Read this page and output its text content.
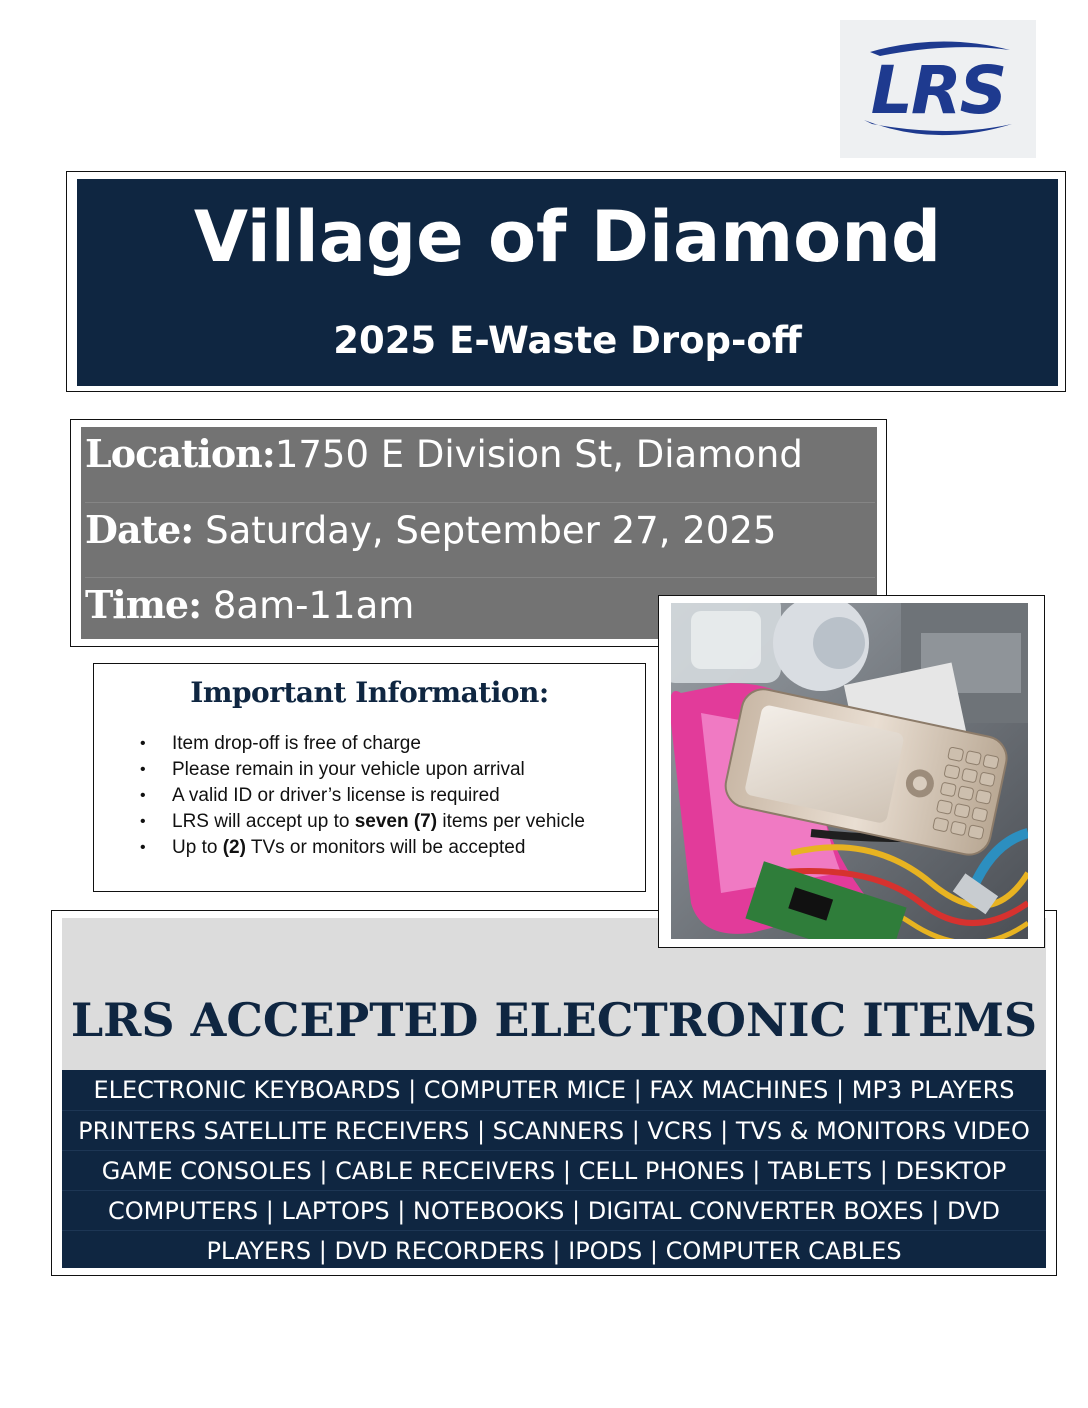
LRS
Village of Diamond
2025 E-Waste Drop-off
Location:1750 E Division St, Diamond
Date: Saturday, September 27, 2025
Time: 8am-11am
Important Information:
• Item drop-off is free of charge
• Please remain in your vehicle upon arrival
• A valid ID or driver’s license is required
• LRS will accept up to seven (7) items per vehicle
• Up to (2) TVs or monitors will be accepted
LRS ACCEPTED ELECTRONIC ITEMS
ELECTRONIC KEYBOARDS | COMPUTER MICE | FAX MACHINES | MP3 PLAYERS
PRINTERS SATELLITE RECEIVERS | SCANNERS | VCRS | TVS & MONITORS VIDEO
GAME CONSOLES | CABLE RECEIVERS | CELL PHONES | TABLETS | DESKTOP
COMPUTERS | LAPTOPS | NOTEBOOKS | DIGITAL CONVERTER BOXES | DVD
PLAYERS | DVD RECORDERS | IPODS | COMPUTER CABLES
